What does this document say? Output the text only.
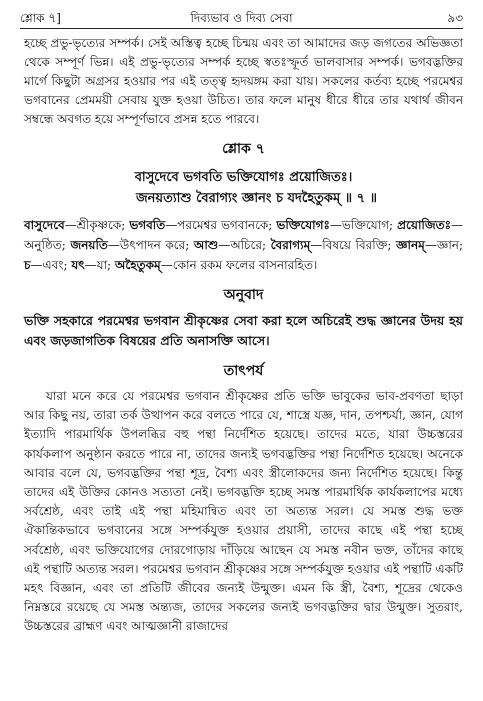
শ্লোক ৭]	দিব্যভাব ও দিব্য সেবা	৯৩

হচ্ছে প্রভু-ভৃত্যের সম্পর্ক। সেই অস্তিত্ব হচ্ছে চিন্ময় এবং তা আমাদের জড় জগতের অভিজ্ঞতা থেকে সম্পূর্ণ ভিন্ন। এই প্রভু-ভৃত্যের সম্পর্ক হচ্ছে স্বতঃস্ফূর্ত ভালবাসার সম্পর্ক। ভগবদ্ভক্তির মার্গে কিছুটা অগ্রসর হওয়ার পর এই তত্ত্ব হৃদয়ঙ্গম করা যায়। সকলের কর্তব্য হচ্ছে পরমেশ্বর ভগবানের প্রেমময়ী সেবায় যুক্ত হওয়া উচিত। তার ফলে মানুষ ধীরে ধীরে তার যথার্থ জীবন সম্বন্ধে অবগত হয়ে সম্পূর্ণভাবে প্রসন্ন হতে পারবে।

শ্লোক ৭
বাসুদেবে ভগবতি ভক্তিযোগঃ প্রয়োজিতঃ।
জনয়ত্যাশু বৈরাগ্যং জ্ঞানং চ যদহৈতুকম্ ॥ ৭ ॥

বাসুদেবে—শ্রীকৃষ্ণকে; ভগবতি—পরমেশ্বর ভগবানকে; ভক্তিযোগঃ—ভক্তিযোগ; প্রয়োজিতঃ—অনুষ্ঠিত; জনয়তি—উৎপাদন করে; আশু—অচিরে; বৈরাগ্যম্—বিষয়ে বিরক্তি; জ্ঞানম্—জ্ঞান; চ—এবং; যৎ—যা; অহৈতুকম্—কোন রকম ফলের বাসনারহিত।

অনুবাদ

ভক্তি সহকারে পরমেশ্বর ভগবান শ্রীকৃষ্ণের সেবা করা হলে অচিরেই শুদ্ধ জ্ঞানের উদয় হয় এবং জড়জাগতিক বিষয়ের প্রতি অনাসক্তি আসে।

তাৎপর্য

যারা মনে করে যে পরমেশ্বর ভগবান শ্রীকৃষ্ণের প্রতি ভক্তি ভাবুকের ভাব-প্রবণতা ছাড়া আর কিছু নয়, তারা তর্ক উত্থাপন করে বলতে পারে যে, শাস্ত্রে যজ্ঞ, দান, তপশ্চর্যা, জ্ঞান, যোগ ইত্যাদি পারমার্থিক উপলব্ধির বহু পন্থা নির্দেশিত হয়েছে। তাদের মতে, যারা উচ্চস্তরের কার্যকলাপ অনুষ্ঠান করতে পারে না, তাদের জন্যই ভগবদ্ভক্তির পন্থা নির্দেশিত হয়েছে। অনেকে আবার বলে যে, ভগবদ্ভক্তির পন্থা শূদ্র, বৈশ্য এবং স্ত্রীলোকদের জন্য নির্দেশিত হয়েছে। কিন্তু তাদের এই উক্তির কোনও সত্যতা নেই। ভগবদ্ভক্তি হচ্ছে সমস্ত পারমার্থিক কার্যকলাপের মধ্যে সর্বশ্রেষ্ঠ, এবং তাই এই পন্থা মহিমান্বিত এবং তা অত্যন্ত সরল। যে সমস্ত শুদ্ধ ভক্ত ঐকান্তিকভাবে ভগবানের সঙ্গে সম্পর্কযুক্ত হওয়ার প্রয়াসী, তাদের কাছে এই পন্থা হচ্ছে সর্বশ্রেষ্ঠ, এবং ভক্তিযোগের দোরগোড়ায় দাঁড়িয়ে আছেন যে সমস্ত নবীন ভক্ত, তাঁদের কাছে এই পন্থাটি অত্যন্ত সরল। পরমেশ্বর ভগবান শ্রীকৃষ্ণের সঙ্গে সম্পর্কযুক্ত হওয়ার এই পন্থাটি একটি মহৎ বিজ্ঞান, এবং তা প্রতিটি জীবের জন্যই উন্মুক্ত। এমন কি স্ত্রী, বৈশ্য, শূদ্রের থেকেও নিম্নস্তরে রয়েছে যে সমস্ত অন্ত্যজ, তাদের সকলের জন্যই ভগবদ্ভক্তির দ্বার উন্মুক্ত। সুতরাং, উচ্চস্তরের ব্রাহ্মণ এবং আত্মজ্ঞানী রাজাদের
